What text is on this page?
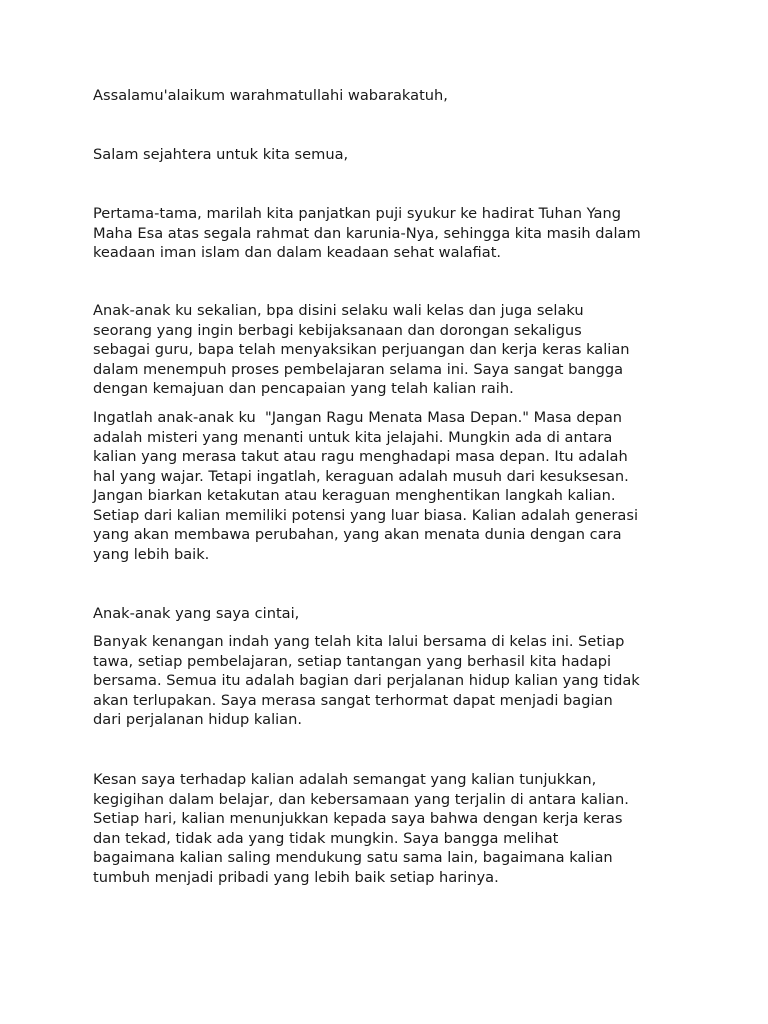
Assalamu'alaikum warahmatullahi wabarakatuh,

Salam sejahtera untuk kita semua,

Pertama-tama, marilah kita panjatkan puji syukur ke hadirat Tuhan Yang
Maha Esa atas segala rahmat dan karunia-Nya, sehingga kita masih dalam
keadaan iman islam dan dalam keadaan sehat walafiat.

Anak-anak ku sekalian, bpa disini selaku wali kelas dan juga selaku
seorang yang ingin berbagi kebijaksanaan dan dorongan sekaligus
sebagai guru, bapa telah menyaksikan perjuangan dan kerja keras kalian
dalam menempuh proses pembelajaran selama ini. Saya sangat bangga
dengan kemajuan dan pencapaian yang telah kalian raih.

Ingatlah anak-anak ku  "Jangan Ragu Menata Masa Depan." Masa depan
adalah misteri yang menanti untuk kita jelajahi. Mungkin ada di antara
kalian yang merasa takut atau ragu menghadapi masa depan. Itu adalah
hal yang wajar. Tetapi ingatlah, keraguan adalah musuh dari kesuksesan.
Jangan biarkan ketakutan atau keraguan menghentikan langkah kalian.
Setiap dari kalian memiliki potensi yang luar biasa. Kalian adalah generasi
yang akan membawa perubahan, yang akan menata dunia dengan cara
yang lebih baik.

Anak-anak yang saya cintai,

Banyak kenangan indah yang telah kita lalui bersama di kelas ini. Setiap
tawa, setiap pembelajaran, setiap tantangan yang berhasil kita hadapi
bersama. Semua itu adalah bagian dari perjalanan hidup kalian yang tidak
akan terlupakan. Saya merasa sangat terhormat dapat menjadi bagian
dari perjalanan hidup kalian.

Kesan saya terhadap kalian adalah semangat yang kalian tunjukkan,
kegigihan dalam belajar, dan kebersamaan yang terjalin di antara kalian.
Setiap hari, kalian menunjukkan kepada saya bahwa dengan kerja keras
dan tekad, tidak ada yang tidak mungkin. Saya bangga melihat
bagaimana kalian saling mendukung satu sama lain, bagaimana kalian
tumbuh menjadi pribadi yang lebih baik setiap harinya.
